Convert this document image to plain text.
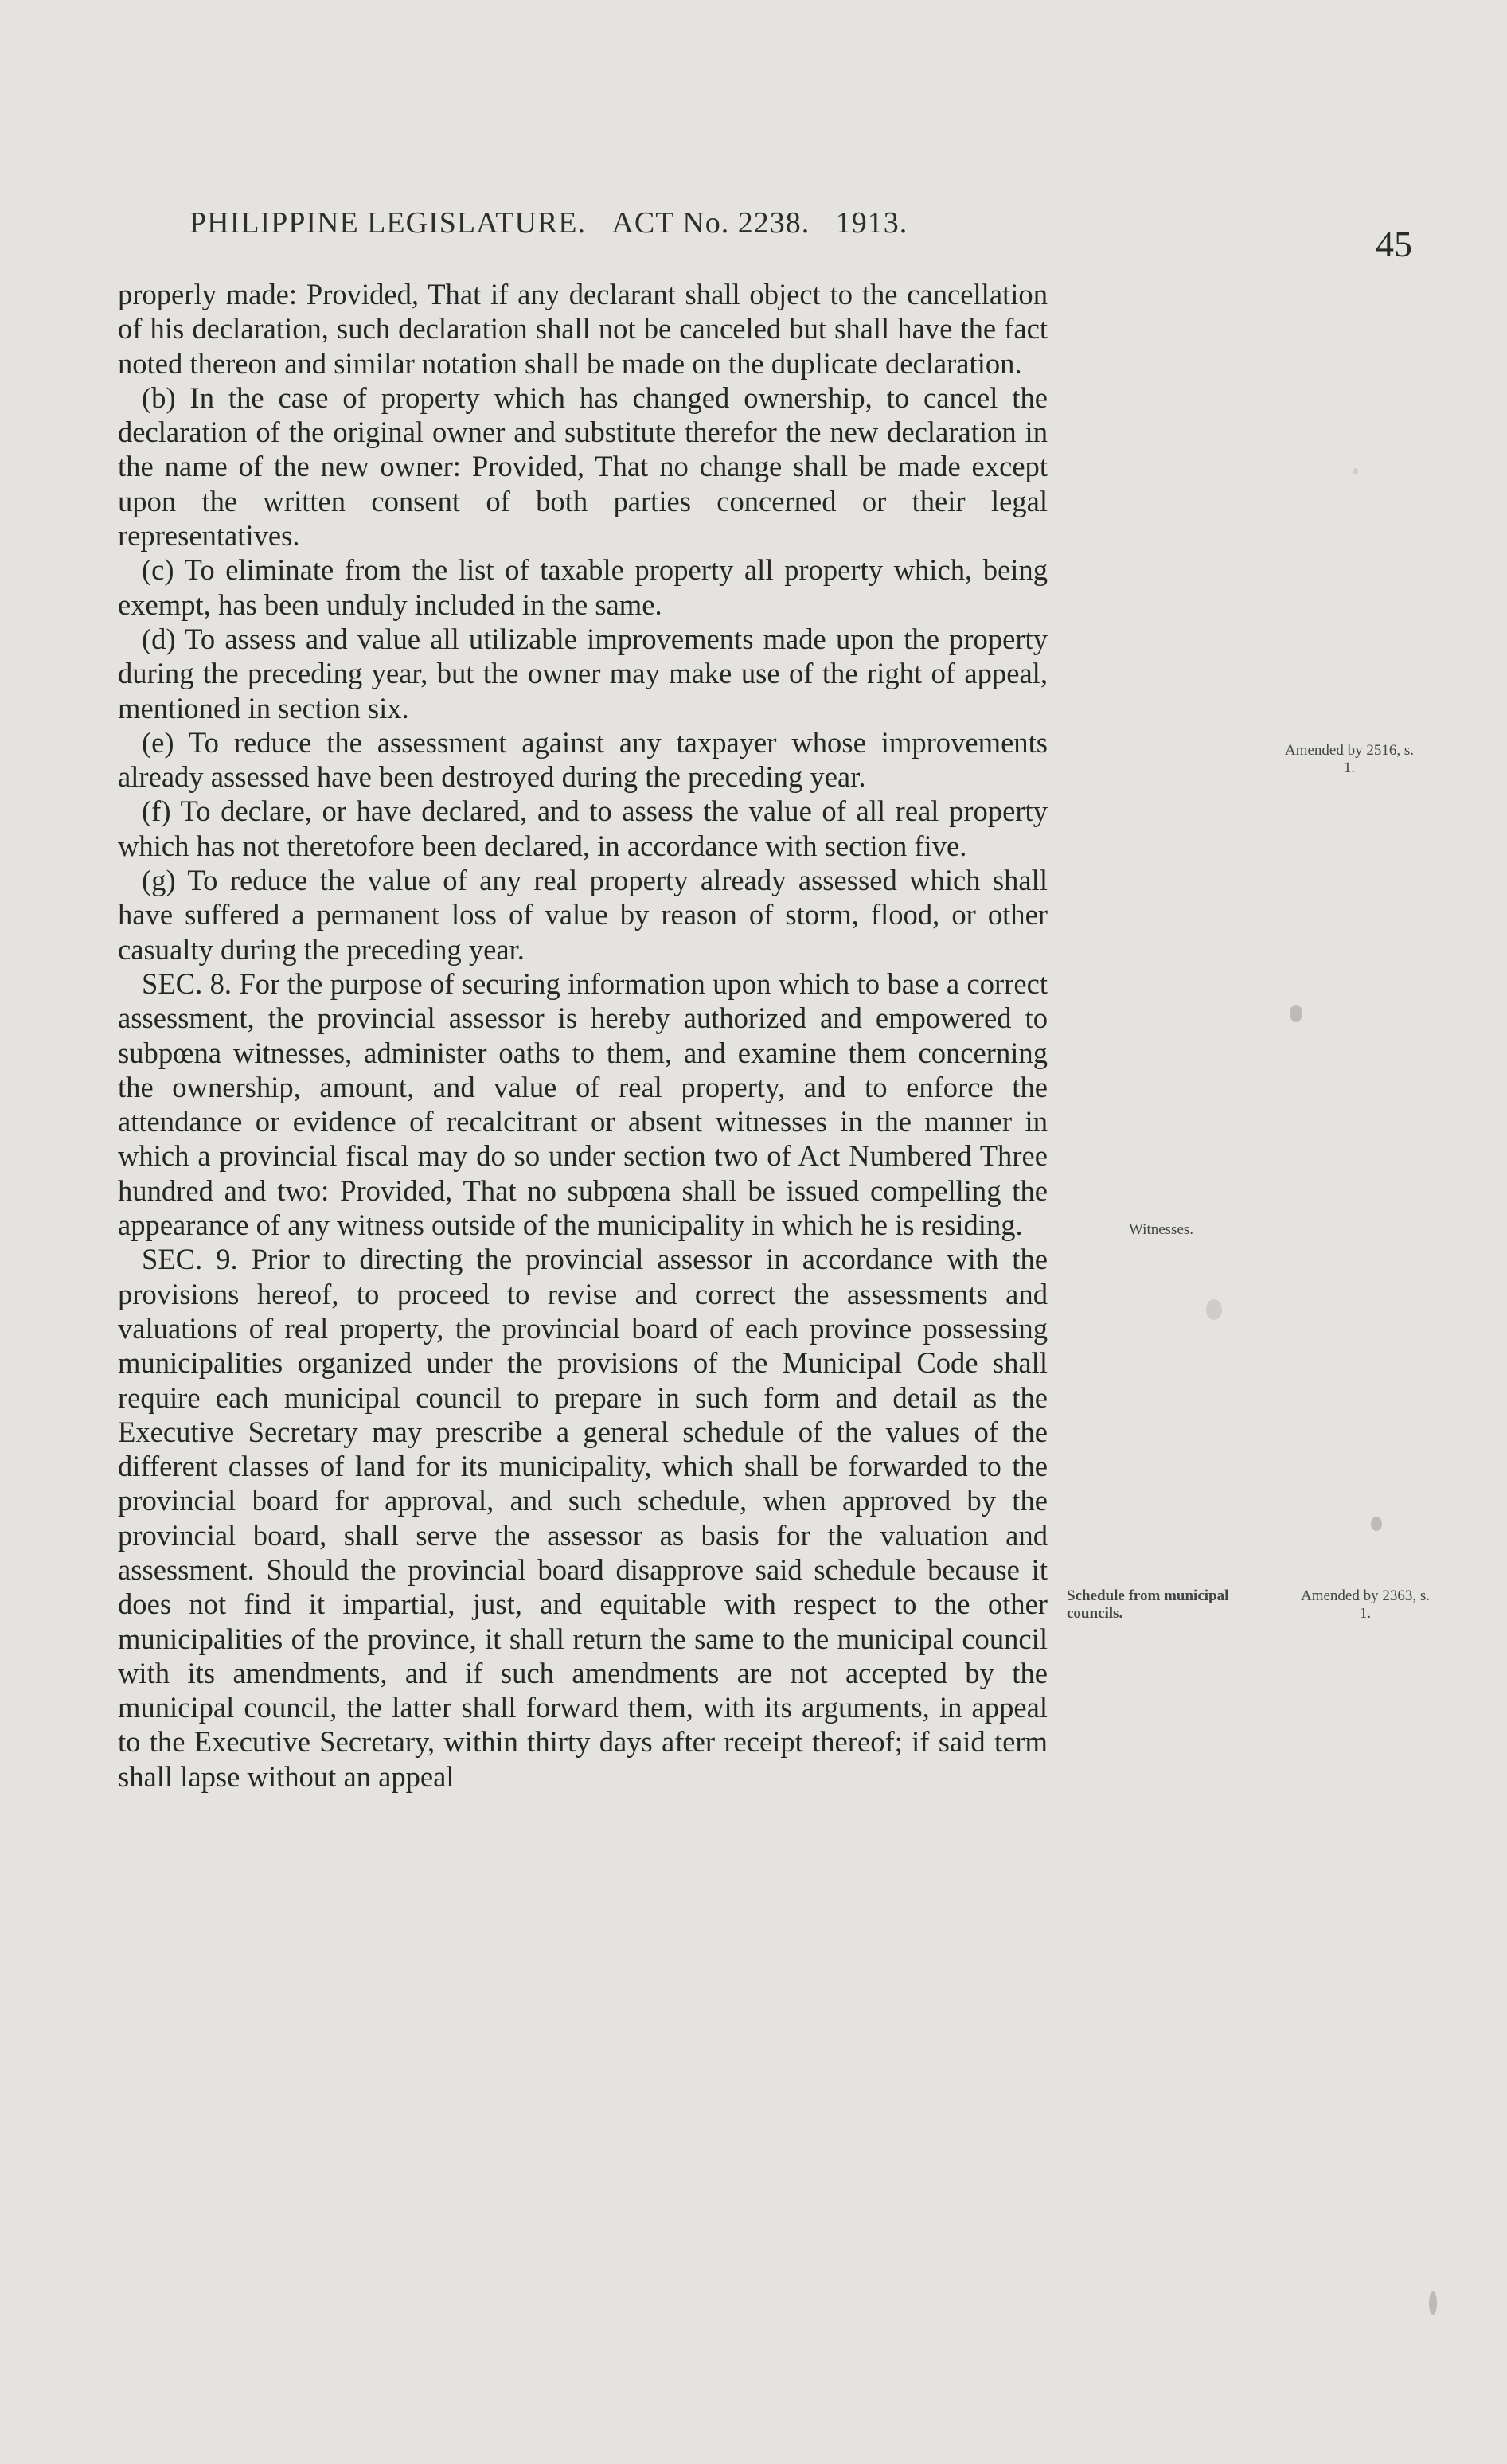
PHILIPPINE LEGISLATURE. ACT No. 2238. 1913.
45

properly made: Provided, That if any declarant shall object to the cancellation of his declaration, such declaration shall not be canceled but shall have the fact noted thereon and similar notation shall be made on the duplicate declaration.

(b) In the case of property which has changed ownership, to cancel the declaration of the original owner and substitute therefor the new declaration in the name of the new owner: Provided, That no change shall be made except upon the written consent of both parties concerned or their legal representatives.

(c) To eliminate from the list of taxable property all property which, being exempt, has been unduly included in the same.

(d) To assess and value all utilizable improvements made upon the property during the preceding year, but the owner may make use of the right of appeal, mentioned in section six.

(e) To reduce the assessment against any taxpayer whose improvements already assessed have been destroyed during the preceding year.

(f) To declare, or have declared, and to assess the value of all real property which has not theretofore been declared, in accordance with section five.

(g) To reduce the value of any real property already assessed which shall have suffered a permanent loss of value by reason of storm, flood, or other casualty during the preceding year.

SEC. 8. For the purpose of securing information upon which to base a correct assessment, the provincial assessor is hereby authorized and empowered to subpœna witnesses, administer oaths to them, and examine them concerning the ownership, amount, and value of real property, and to enforce the attendance or evidence of recalcitrant or absent witnesses in the manner in which a provincial fiscal may do so under section two of Act Numbered Three hundred and two: Provided, That no subpœna shall be issued compelling the appearance of any witness outside of the municipality in which he is residing.

SEC. 9. Prior to directing the provincial assessor in accordance with the provisions hereof, to proceed to revise and correct the assessments and valuations of real property, the provincial board of each province possessing municipalities organized under the provisions of the Municipal Code shall require each municipal council to prepare in such form and detail as the Executive Secretary may prescribe a general schedule of the values of the different classes of land for its municipality, which shall be forwarded to the provincial board for approval, and such schedule, when approved by the provincial board, shall serve the assessor as basis for the valuation and assessment. Should the provincial board disapprove said schedule because it does not find it impartial, just, and equitable with respect to the other municipalities of the province, it shall return the same to the municipal council with its amendments, and if such amendments are not accepted by the municipal council, the latter shall forward them, with its arguments, in appeal to the Executive Secretary, within thirty days after receipt thereof; if said term shall lapse without an appeal

Amended by 2516, s. 1.
Witnesses.
Schedule from municipal councils.
Amended by 2363, s. 1.
